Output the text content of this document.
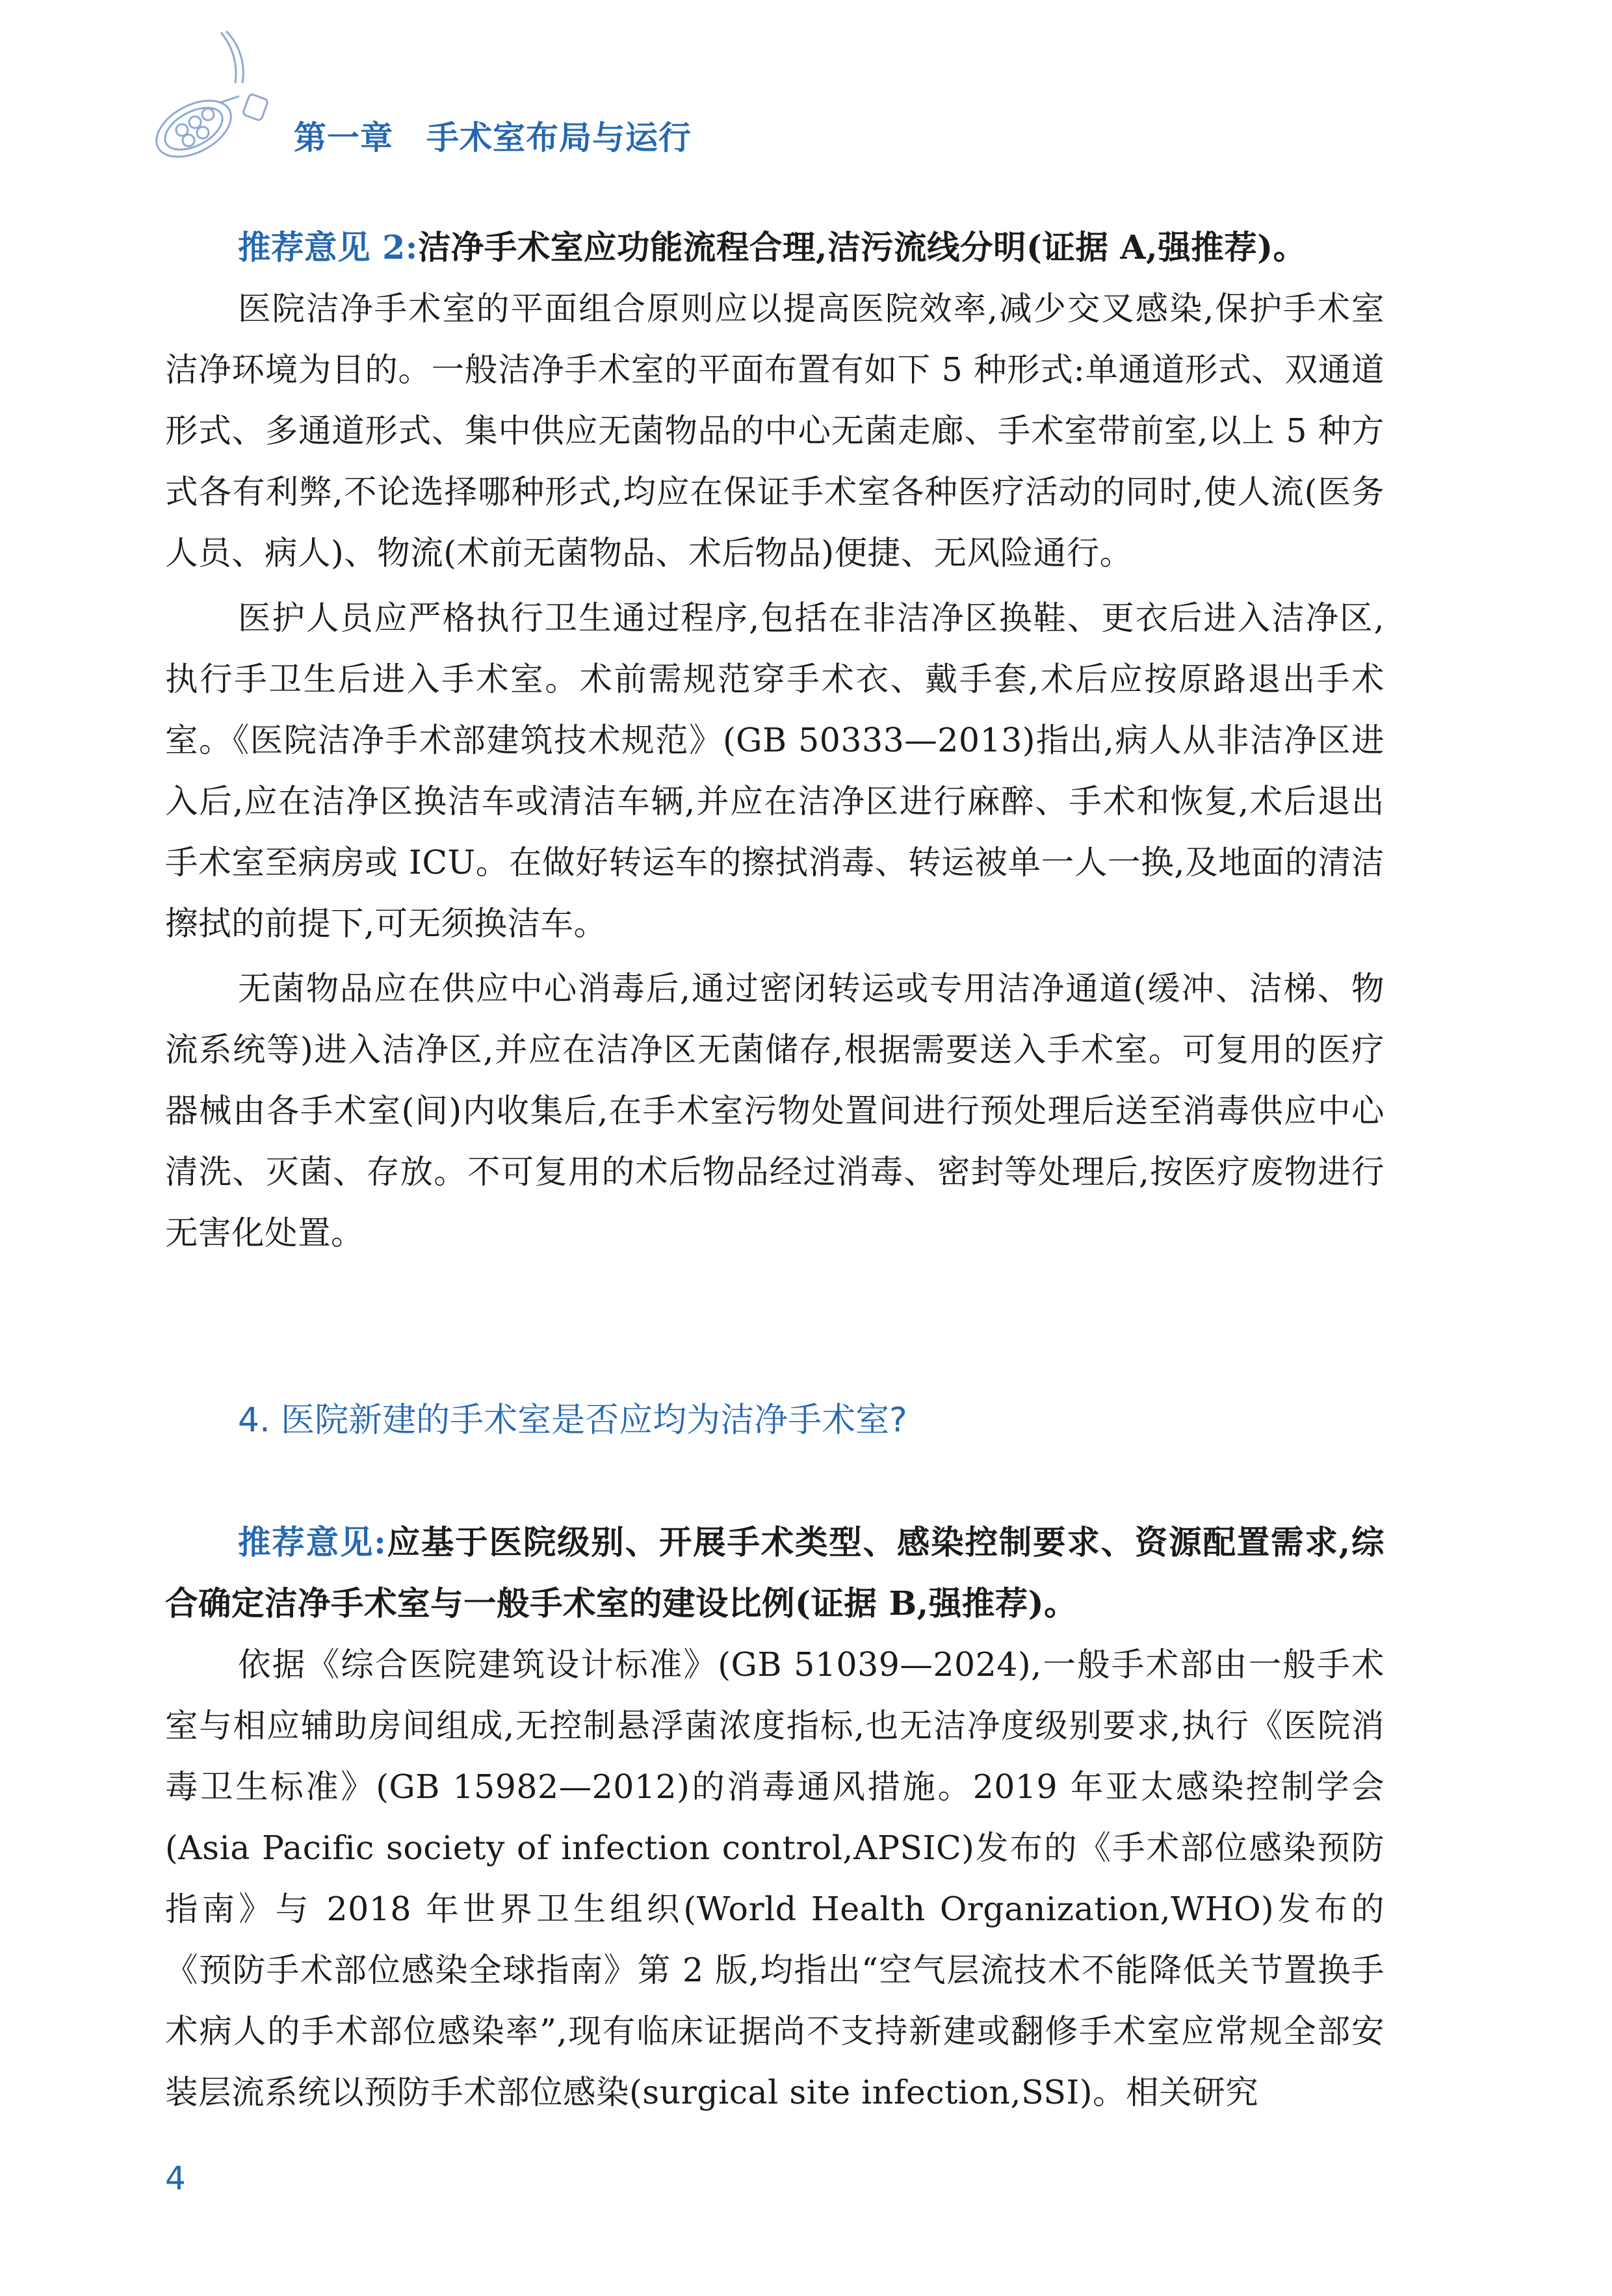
第一章　手术室布局与运行

推荐意见 2:洁净手术室应功能流程合理,洁污流线分明(证据 A,强推荐)。

医院洁净手术室的平面组合原则应以提高医院效率,减少交叉感染,保护手术室洁净环境为目的。一般洁净手术室的平面布置有如下 5 种形式:单通道形式、双通道形式、多通道形式、集中供应无菌物品的中心无菌走廊、手术室带前室,以上 5 种方式各有利弊,不论选择哪种形式,均应在保证手术室各种医疗活动的同时,使人流(医务人员、病人)、物流(术前无菌物品、术后物品)便捷、无风险通行。

医护人员应严格执行卫生通过程序,包括在非洁净区换鞋、更衣后进入洁净区,执行手卫生后进入手术室。术前需规范穿手术衣、戴手套,术后应按原路退出手术室。《医院洁净手术部建筑技术规范》(GB 50333—2013)指出,病人从非洁净区进入后,应在洁净区换洁车或清洁车辆,并应在洁净区进行麻醉、手术和恢复,术后退出手术室至病房或 ICU。在做好转运车的擦拭消毒、转运被单一人一换,及地面的清洁擦拭的前提下,可无须换洁车。

无菌物品应在供应中心消毒后,通过密闭转运或专用洁净通道(缓冲、洁梯、物流系统等)进入洁净区,并应在洁净区无菌储存,根据需要送入手术室。可复用的医疗器械由各手术室(间)内收集后,在手术室污物处置间进行预处理后送至消毒供应中心清洗、灭菌、存放。不可复用的术后物品经过消毒、密封等处理后,按医疗废物进行无害化处置。

4. 医院新建的手术室是否应均为洁净手术室?

推荐意见:应基于医院级别、开展手术类型、感染控制要求、资源配置需求,综合确定洁净手术室与一般手术室的建设比例(证据 B,强推荐)。

依据《综合医院建筑设计标准》(GB 51039—2024),一般手术部由一般手术室与相应辅助房间组成,无控制悬浮菌浓度指标,也无洁净度级别要求,执行《医院消毒卫生标准》(GB 15982—2012)的消毒通风措施。2019 年亚太感染控制学会(Asia Pacific society of infection control,APSIC)发布的《手术部位感染预防指南》与 2018 年世界卫生组织(World Health Organization,WHO)发布的《预防手术部位感染全球指南》第 2 版,均指出“空气层流技术不能降低关节置换手术病人的手术部位感染率”,现有临床证据尚不支持新建或翻修手术室应常规全部安装层流系统以预防手术部位感染(surgical site infection,SSI)。相关研究

4
